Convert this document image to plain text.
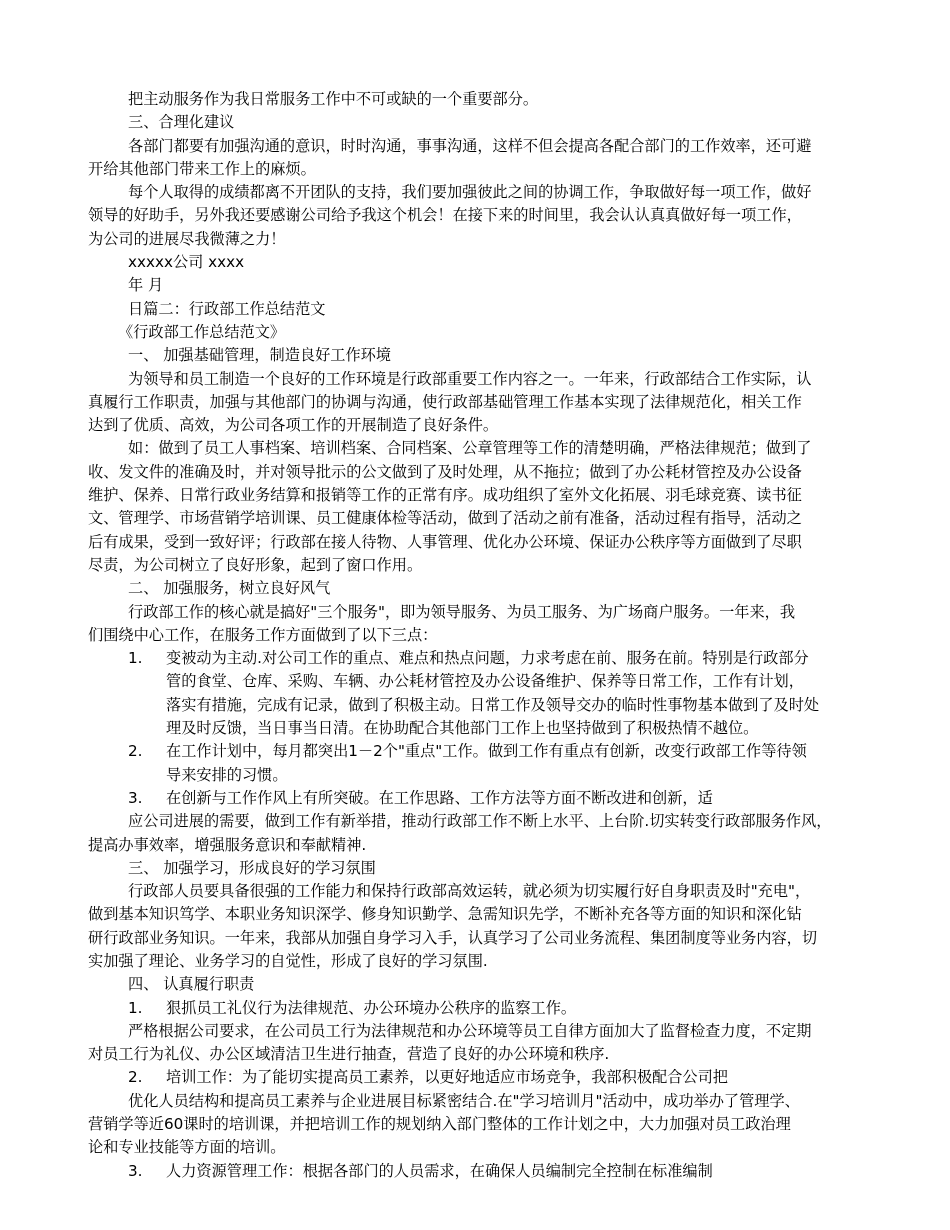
把主动服务作为我日常服务工作中不可或缺的一个重要部分。
三、合理化建议
各部门都要有加强沟通的意识，时时沟通，事事沟通，这样不但会提高各配合部门的工作效率，还可避
开给其他部门带来工作上的麻烦。
每个人取得的成绩都离不开团队的支持，我们要加强彼此之间的协调工作，争取做好每一项工作，做好
领导的好助手，另外我还要感谢公司给予我这个机会！在接下来的时间里，我会认认真真做好每一项工作，
为公司的进展尽我微薄之力！
xxxxx公司 xxxx
年 月
日篇二：行政部工作总结范文
《行政部工作总结范文》
一、 加强基础管理，制造良好工作环境
为领导和员工制造一个良好的工作环境是行政部重要工作内容之一。一年来，行政部结合工作实际，认
真履行工作职责，加强与其他部门的协调与沟通，使行政部基础管理工作基本实现了法律规范化，相关工作
达到了优质、高效，为公司各项工作的开展制造了良好条件。
如：做到了员工人事档案、培训档案、合同档案、公章管理等工作的清楚明确，严格法律规范；做到了
收、发文件的准确及时，并对领导批示的公文做到了及时处理，从不拖拉；做到了办公耗材管控及办公设备
维护、保养、日常行政业务结算和报销等工作的正常有序。成功组织了室外文化拓展、羽毛球竞赛、读书征
文、管理学、市场营销学培训课、员工健康体检等活动，做到了活动之前有准备，活动过程有指导，活动之
后有成果，受到一致好评；行政部在接人待物、人事管理、优化办公环境、保证办公秩序等方面做到了尽职
尽责，为公司树立了良好形象，起到了窗口作用。
二、 加强服务，树立良好风气
行政部工作的核心就是搞好"三个服务"，即为领导服务、为员工服务、为广场商户服务。一年来，我
们围绕中心工作，在服务工作方面做到了以下三点：
1. 变被动为主动.对公司工作的重点、难点和热点问题，力求考虑在前、服务在前。特别是行政部分
管的食堂、仓库、采购、车辆、办公耗材管控及办公设备维护、保养等日常工作，工作有计划，
落实有措施，完成有记录，做到了积极主动。日常工作及领导交办的临时性事物基本做到了及时处
理及时反馈，当日事当日清。在协助配合其他部门工作上也坚持做到了积极热情不越位。
2. 在工作计划中，每月都突出1－2个"重点"工作。做到工作有重点有创新，改变行政部工作等待领
导来安排的习惯。
3. 在创新与工作作风上有所突破。在工作思路、工作方法等方面不断改进和创新，适
应公司进展的需要，做到工作有新举措，推动行政部工作不断上水平、上台阶.切实转变行政部服务作风，
提高办事效率，增强服务意识和奉献精神.
三、 加强学习，形成良好的学习氛围
行政部人员要具备很强的工作能力和保持行政部高效运转，就必须为切实履行好自身职责及时"充电"，
做到基本知识笃学、本职业务知识深学、修身知识勤学、急需知识先学，不断补充各等方面的知识和深化钻
研行政部业务知识。一年来，我部从加强自身学习入手，认真学习了公司业务流程、集团制度等业务内容，切
实加强了理论、业务学习的自觉性，形成了良好的学习氛围.
四、 认真履行职责
1. 狠抓员工礼仪行为法律规范、办公环境办公秩序的监察工作。
严格根据公司要求，在公司员工行为法律规范和办公环境等员工自律方面加大了监督检查力度，不定期
对员工行为礼仪、办公区域清洁卫生进行抽查，营造了良好的办公环境和秩序.
2. 培训工作：为了能切实提高员工素养，以更好地适应市场竞争，我部积极配合公司把
优化人员结构和提高员工素养与企业进展目标紧密结合.在"学习培训月"活动中，成功举办了管理学、
营销学等近60课时的培训课，并把培训工作的规划纳入部门整体的工作计划之中，大力加强对员工政治理
论和专业技能等方面的培训。
3. 人力资源管理工作：根据各部门的人员需求，在确保人员编制完全控制在标准编制
